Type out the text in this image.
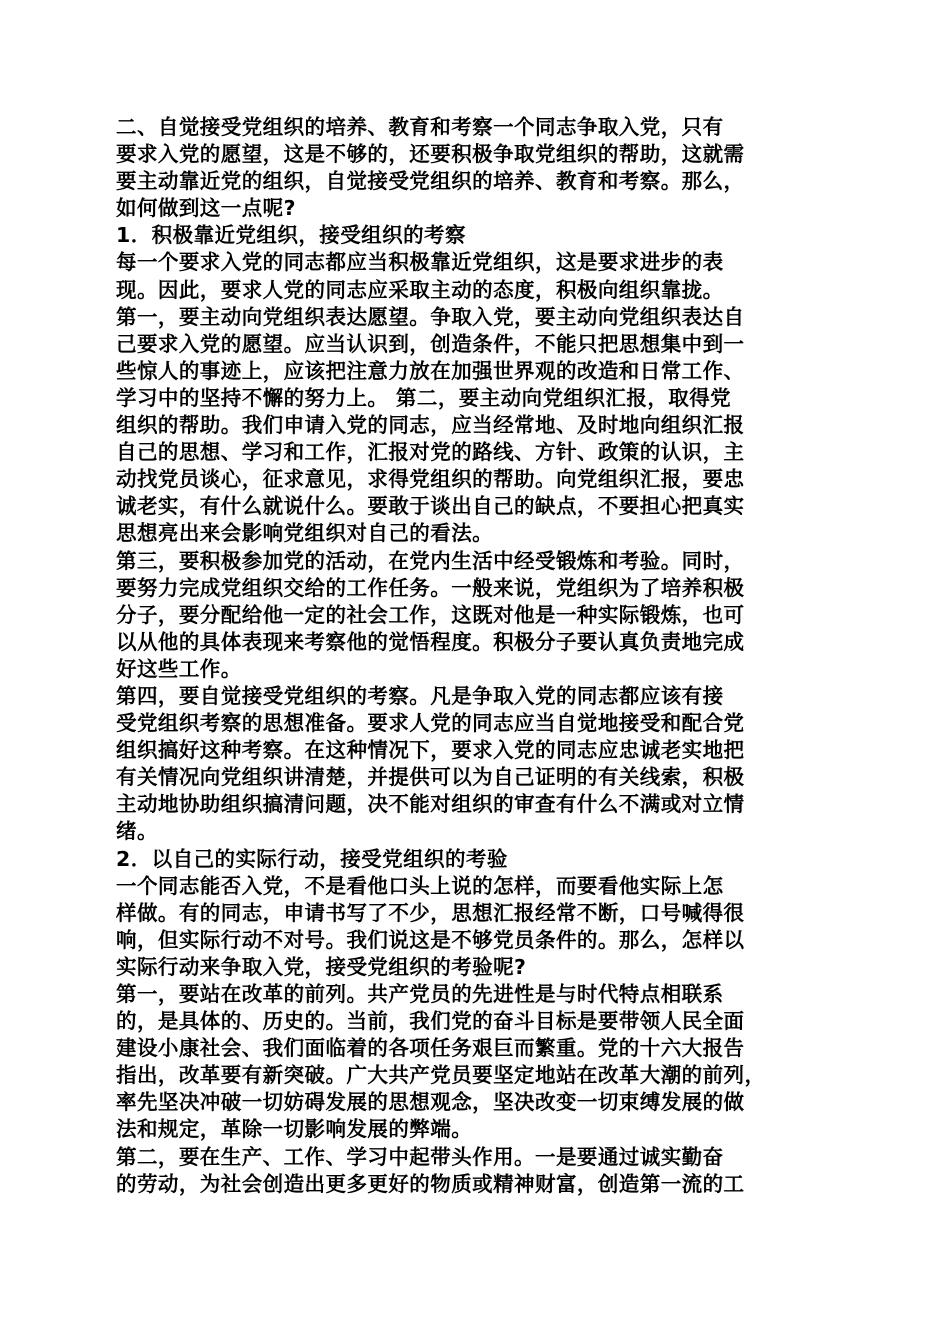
二、自觉接受党组织的培养、教育和考察一个同志争取入党，只有
要求入党的愿望，这是不够的，还要积极争取党组织的帮助，这就需
要主动靠近党的组织，自觉接受党组织的培养、教育和考察。那么，
如何做到这一点呢?
1．积极靠近党组织，接受组织的考察
每一个要求入党的同志都应当积极靠近党组织，这是要求进步的表
现。因此，要求人党的同志应采取主动的态度，积极向组织靠拢。
第一，要主动向党组织表达愿望。争取入党，要主动向党组织表达自
己要求入党的愿望。应当认识到，创造条件，不能只把思想集中到一
些惊人的事迹上，应该把注意力放在加强世界观的改造和日常工作、
学习中的坚持不懈的努力上。 第二，要主动向党组织汇报，取得党
组织的帮助。我们申请入党的同志，应当经常地、及时地向组织汇报
自己的思想、学习和工作，汇报对党的路线、方针、政策的认识，主
动找党员谈心，征求意见，求得党组织的帮助。向党组织汇报，要忠
诚老实，有什么就说什么。要敢于谈出自己的缺点，不要担心把真实
思想亮出来会影响党组织对自己的看法。
第三，要积极参加党的活动，在党内生活中经受锻炼和考验。同时，
要努力完成党组织交给的工作任务。一般来说，党组织为了培养积极
分子，要分配给他一定的社会工作，这既对他是一种实际锻炼，也可
以从他的具体表现来考察他的觉悟程度。积极分子要认真负责地完成
好这些工作。
第四，要自觉接受党组织的考察。凡是争取入党的同志都应该有接
受党组织考察的思想准备。要求人党的同志应当自觉地接受和配合党
组织搞好这种考察。在这种情况下，要求入党的同志应忠诚老实地把
有关情况向党组织讲清楚，并提供可以为自己证明的有关线索，积极
主动地协助组织搞清问题，决不能对组织的审查有什么不满或对立情
绪。
2．以自己的实际行动，接受党组织的考验
一个同志能否入党，不是看他口头上说的怎样，而要看他实际上怎
样做。有的同志，申请书写了不少，思想汇报经常不断，口号喊得很
响，但实际行动不对号。我们说这是不够党员条件的。那么，怎样以
实际行动来争取入党，接受党组织的考验呢?
第一，要站在改革的前列。共产党员的先进性是与时代特点相联系
的，是具体的、历史的。当前，我们党的奋斗目标是要带领人民全面
建设小康社会、我们面临着的各项任务艰巨而繁重。党的十六大报告
指出，改革要有新突破。广大共产党员要坚定地站在改革大潮的前列，
率先坚决冲破一切妨碍发展的思想观念，坚决改变一切束缚发展的做
法和规定，革除一切影响发展的弊端。
第二，要在生产、工作、学习中起带头作用。一是要通过诚实勤奋
的劳动，为社会创造出更多更好的物质或精神财富，创造第一流的工
